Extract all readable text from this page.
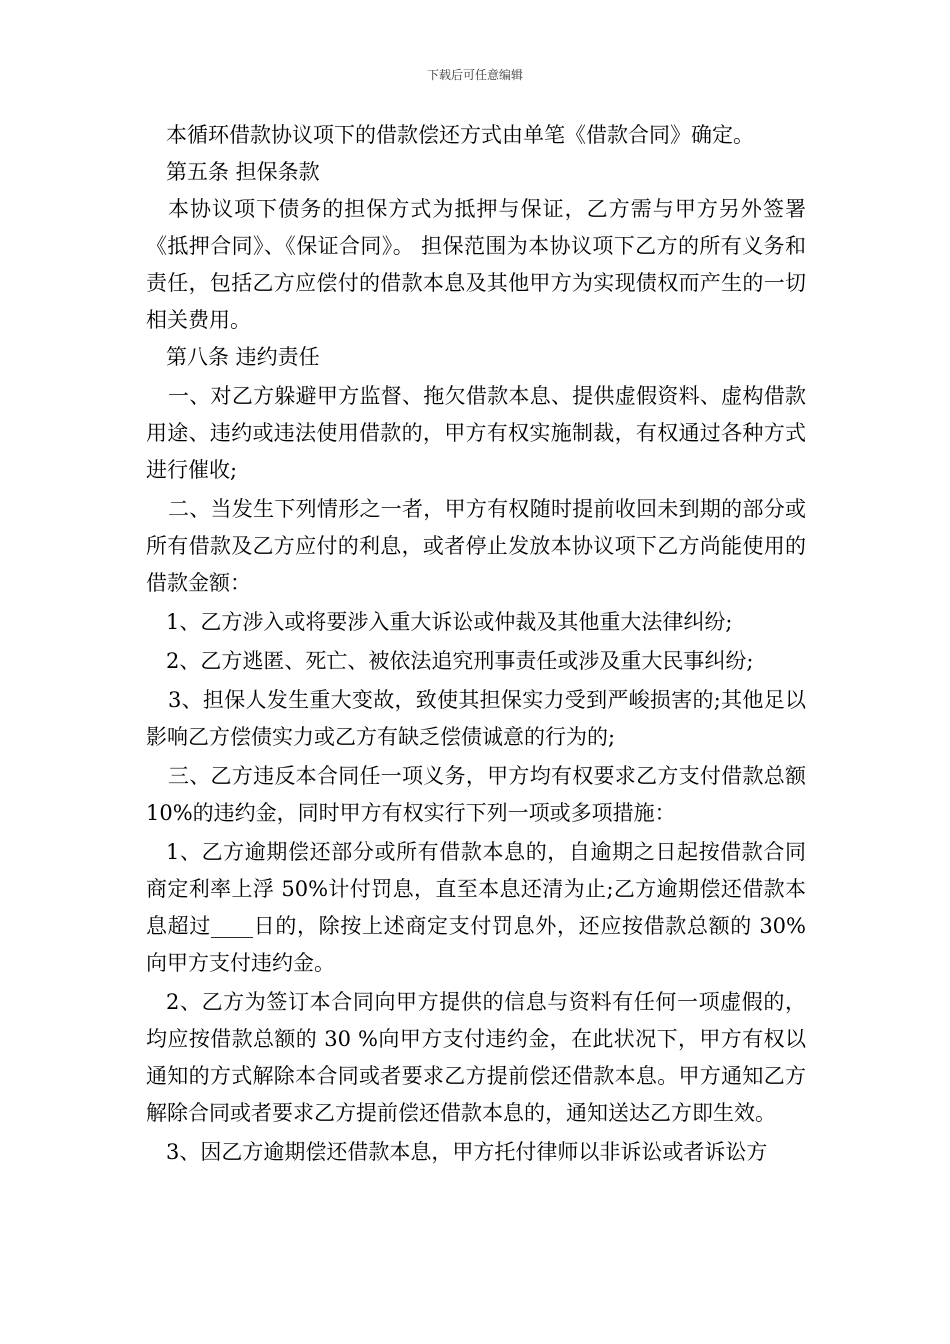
下载后可任意编辑

本循环借款协议项下的借款偿还方式由单笔《借款合同》确定。

第五条 担保条款

本协议项下债务的担保方式为抵押与保证，乙方需与甲方另外签署《抵押合同》、《保证合同》。 担保范围为本协议项下乙方的所有义务和责任，包括乙方应偿付的借款本息及其他甲方为实现债权而产生的一切相关费用。

第八条 违约责任

一、对乙方躲避甲方监督、拖欠借款本息、提供虚假资料、虚构借款用途、违约或违法使用借款的，甲方有权实施制裁，有权通过各种方式进行催收;

二、当发生下列情形之一者，甲方有权随时提前收回未到期的部分或所有借款及乙方应付的利息，或者停止发放本协议项下乙方尚能使用的借款金额：

1、乙方涉入或将要涉入重大诉讼或仲裁及其他重大法律纠纷;

2、乙方逃匿、死亡、被依法追究刑事责任或涉及重大民事纠纷;

3、担保人发生重大变故，致使其担保实力受到严峻损害的;其他足以影响乙方偿债实力或乙方有缺乏偿债诚意的行为的;

三、乙方违反本合同任一项义务，甲方均有权要求乙方支付借款总额 10%的违约金，同时甲方有权实行下列一项或多项措施：

1、乙方逾期偿还部分或所有借款本息的，自逾期之日起按借款合同商定利率上浮 50%计付罚息，直至本息还清为止;乙方逾期偿还借款本息超过____日的，除按上述商定支付罚息外，还应按借款总额的 30%向甲方支付违约金。

2、乙方为签订本合同向甲方提供的信息与资料有任何一项虚假的，均应按借款总额的 30 %向甲方支付违约金，在此状况下，甲方有权以通知的方式解除本合同或者要求乙方提前偿还借款本息。甲方通知乙方解除合同或者要求乙方提前偿还借款本息的，通知送达乙方即生效。

3、因乙方逾期偿还借款本息，甲方托付律师以非诉讼或者诉讼方
